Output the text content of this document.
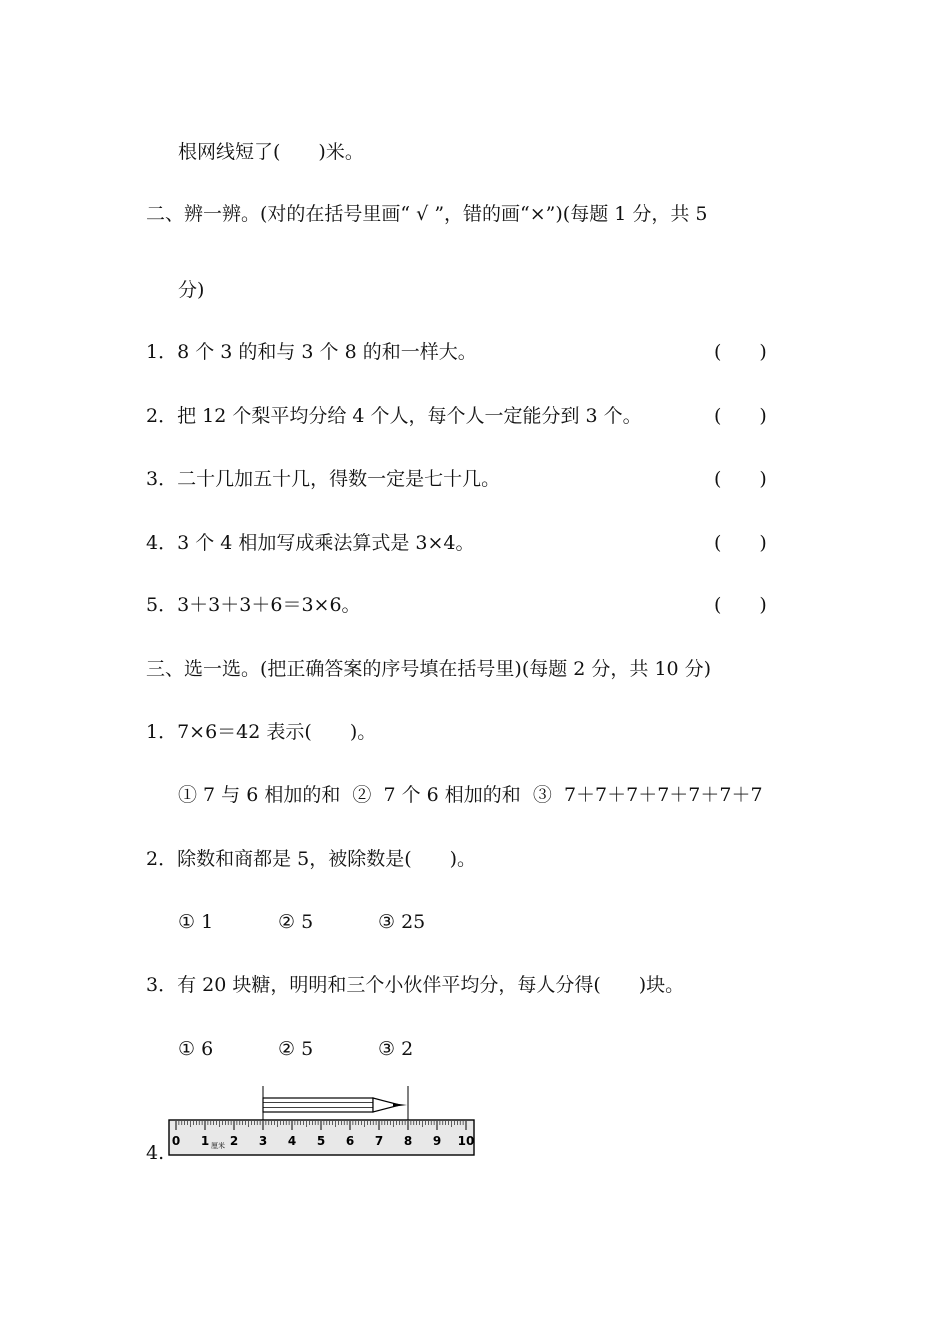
根网线短了(　　)米。
二、辨一辨。(对的在括号里画“ √ ”，错的画“×”)(每题 1 分，共 5
分)
1．8 个 3 的和与 3 个 8 的和一样大。	(　　)
2．把 12 个梨平均分给 4 个人，每个人一定能分到 3 个。	(　　)
3．二十几加五十几，得数一定是七十几。	(　　)
4．3 个 4 相加写成乘法算式是 3×4。	(　　)
5．3＋3＋3＋6＝3×6。	(　　)
三、选一选。(把正确答案的序号填在括号里)(每题 2 分，共 10 分)
1．7×6＝42 表示(　　)。
① 7 与 6 相加的和  ②  7 个 6 相加的和  ③  7＋7＋7＋7＋7＋7＋7
2．除数和商都是 5，被除数是(　　)。
① 1	② 5	③ 25
3．有 20 块糖，明明和三个小伙伴平均分，每人分得(　　)块。
① 6	② 5	③ 2
4.
0 1 2 3 4 5 6 7 8 9 10
厘米
